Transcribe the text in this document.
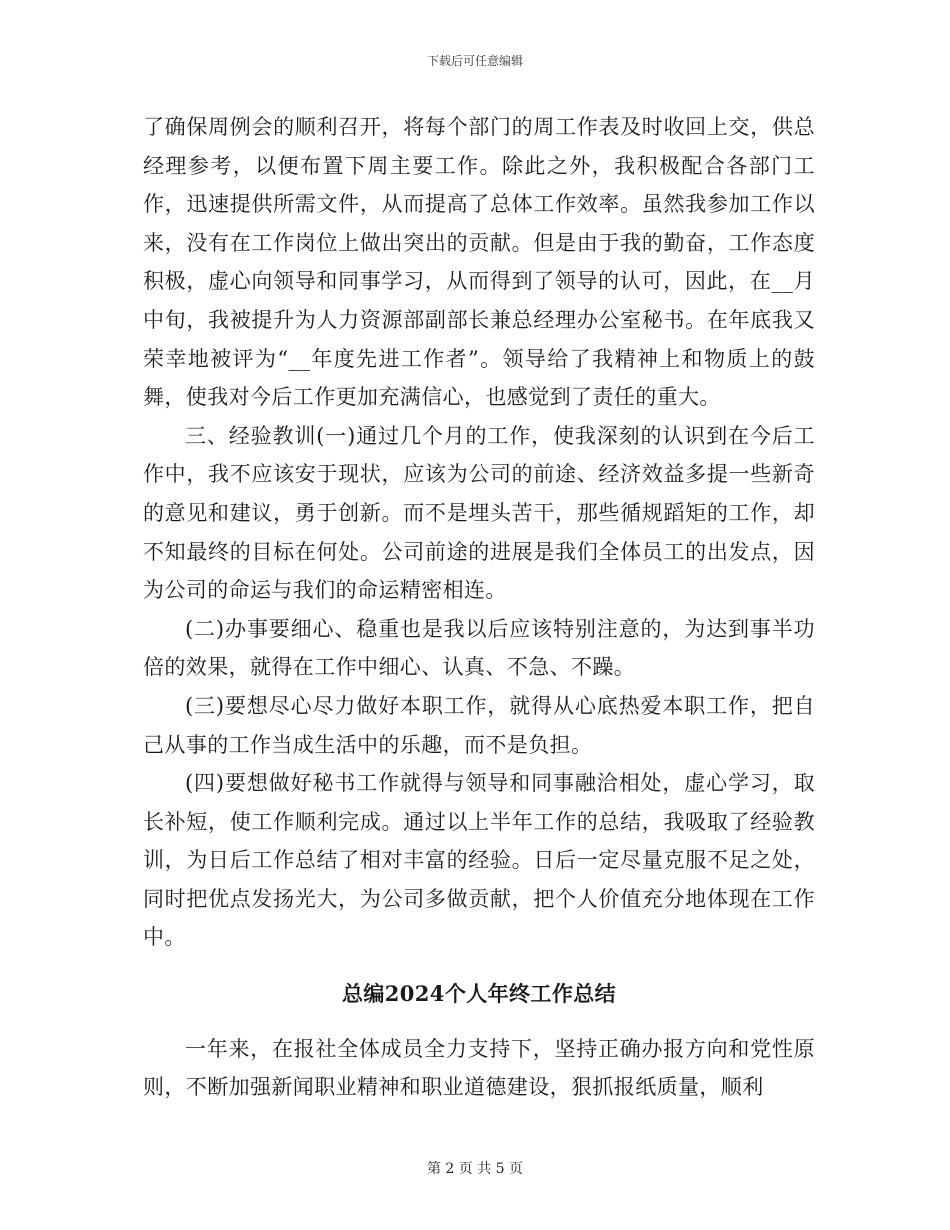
下载后可任意编辑

了确保周例会的顺利召开，将每个部门的周工作表及时收回上交，供总经理参考，以便布置下周主要工作。除此之外，我积极配合各部门工作，迅速提供所需文件，从而提高了总体工作效率。虽然我参加工作以来，没有在工作岗位上做出突出的贡献。但是由于我的勤奋，工作态度积极，虚心向领导和同事学习，从而得到了领导的认可，因此，在__月中旬，我被提升为人力资源部副部长兼总经理办公室秘书。在年底我又荣幸地被评为“__年度先进工作者”。领导给了我精神上和物质上的鼓舞，使我对今后工作更加充满信心，也感觉到了责任的重大。

三、经验教训(一)通过几个月的工作，使我深刻的认识到在今后工作中，我不应该安于现状，应该为公司的前途、经济效益多提一些新奇的意见和建议，勇于创新。而不是埋头苦干，那些循规蹈矩的工作，却不知最终的目标在何处。公司前途的进展是我们全体员工的出发点，因为公司的命运与我们的命运精密相连。

(二)办事要细心、稳重也是我以后应该特别注意的，为达到事半功倍的效果，就得在工作中细心、认真、不急、不躁。

(三)要想尽心尽力做好本职工作，就得从心底热爱本职工作，把自己从事的工作当成生活中的乐趣，而不是负担。

(四)要想做好秘书工作就得与领导和同事融洽相处，虚心学习，取长补短，使工作顺利完成。通过以上半年工作的总结，我吸取了经验教训，为日后工作总结了相对丰富的经验。日后一定尽量克服不足之处，同时把优点发扬光大，为公司多做贡献，把个人价值充分地体现在工作中。

总编2024个人年终工作总结

一年来，在报社全体成员全力支持下，坚持正确办报方向和党性原则，不断加强新闻职业精神和职业道德建设，狠抓报纸质量，顺利

第 2 页 共 5 页
